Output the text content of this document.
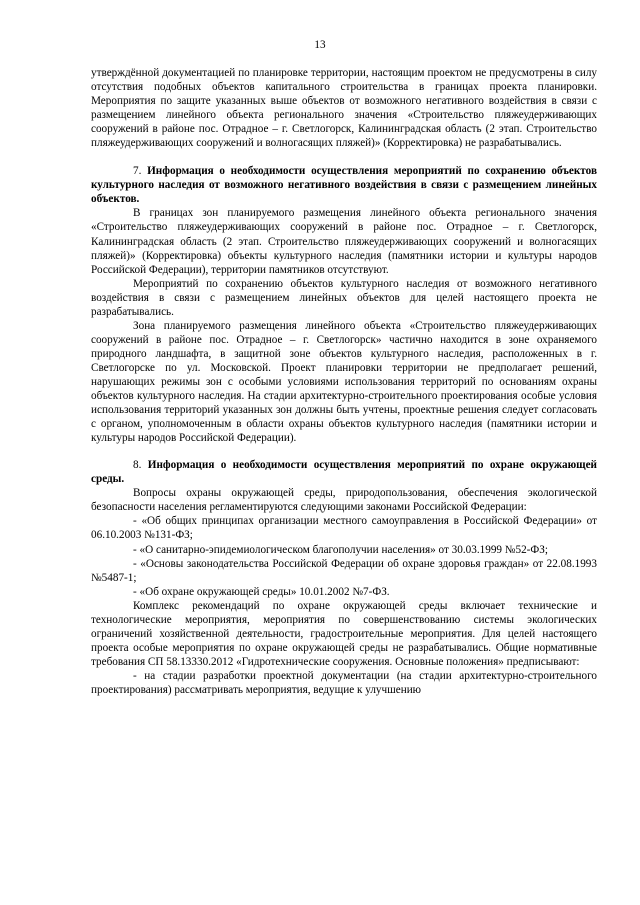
13

утверждённой документацией по планировке территории, настоящим проектом не предусмотрены в силу отсутствия подобных объектов капитального строительства в границах проекта планировки. Мероприятия по защите указанных выше объектов от возможного негативного воздействия в связи с размещением линейного объекта регионального значения «Строительство пляжеудерживающих сооружений в районе пос. Отрадное – г. Светлогорск, Калининградская область (2 этап. Строительство пляжеудерживающих сооружений и волногасящих пляжей)» (Корректировка) не разрабатывались.

7. Информация о необходимости осуществления мероприятий по сохранению объектов культурного наследия от возможного негативного воздействия в связи с размещением линейных объектов.

В границах зон планируемого размещения линейного объекта регионального значения «Строительство пляжеудерживающих сооружений в районе пос. Отрадное – г. Светлогорск, Калининградская область (2 этап. Строительство пляжеудерживающих сооружений и волногасящих пляжей)» (Корректировка) объекты культурного наследия (памятники истории и культуры народов Российской Федерации), территории памятников отсутствуют.

Мероприятий по сохранению объектов культурного наследия от возможного негативного воздействия в связи с размещением линейных объектов для целей настоящего проекта не разрабатывались.

Зона планируемого размещения линейного объекта «Строительство пляжеудерживающих сооружений в районе пос. Отрадное – г. Светлогорск» частично находится в зоне охраняемого природного ландшафта, в защитной зоне объектов культурного наследия, расположенных в г. Светлогорске по ул. Московской. Проект планировки территории не предполагает решений, нарушающих режимы зон с особыми условиями использования территорий по основаниям охраны объектов культурного наследия. На стадии архитектурно-строительного проектирования особые условия использования территорий указанных зон должны быть учтены, проектные решения следует согласовать с органом, уполномоченным в области охраны объектов культурного наследия (памятники истории и культуры народов Российской Федерации).

8. Информация о необходимости осуществления мероприятий по охране окружающей среды.

Вопросы охраны окружающей среды, природопользования, обеспечения экологической безопасности населения регламентируются следующими законами Российской Федерации:

- «Об общих принципах организации местного самоуправления в Российской Федерации» от 06.10.2003 №131-ФЗ;

- «О санитарно-эпидемиологическом благополучии населения» от 30.03.1999 №52-ФЗ;

- «Основы законодательства Российской Федерации об охране здоровья граждан» от 22.08.1993 №5487-1;

- «Об охране окружающей среды» 10.01.2002 №7-ФЗ.

Комплекс рекомендаций по охране окружающей среды включает технические и технологические мероприятия, мероприятия по совершенствованию системы экологических ограничений хозяйственной деятельности, градостроительные мероприятия. Для целей настоящего проекта особые мероприятия по охране окружающей среды не разрабатывались. Общие нормативные требования СП 58.13330.2012 «Гидротехнические сооружения. Основные положения» предписывают:

- на стадии разработки проектной документации (на стадии архитектурно-строительного проектирования) рассматривать мероприятия, ведущие к улучшению
